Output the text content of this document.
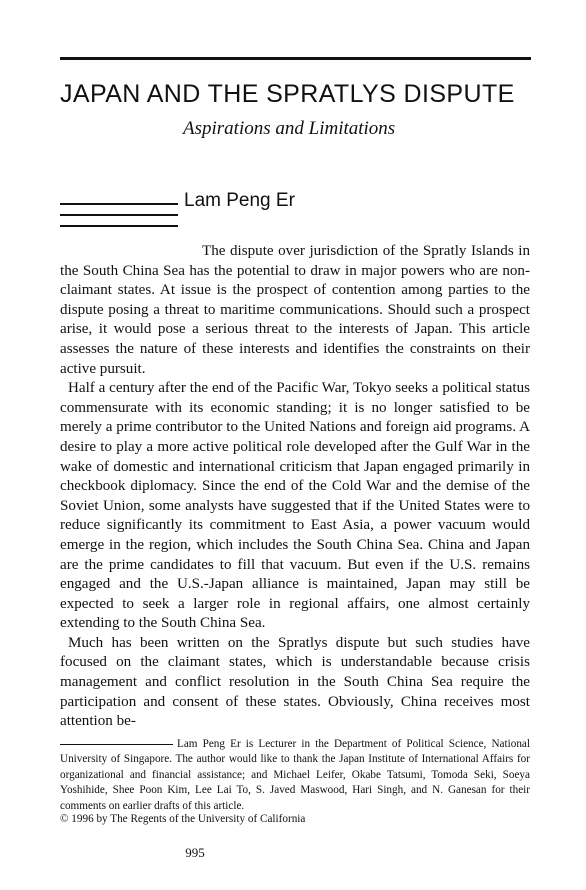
JAPAN AND THE SPRATLYS DISPUTE
Aspirations and Limitations
Lam Peng Er

The dispute over jurisdiction of the Spratly Islands in the South China Sea has the potential to draw in major powers who are non-claimant states. At issue is the prospect of contention among parties to the dispute posing a threat to maritime communications. Should such a prospect arise, it would pose a serious threat to the interests of Japan. This article assesses the nature of these interests and identifies the constraints on their active pursuit.

Half a century after the end of the Pacific War, Tokyo seeks a political status commensurate with its economic standing; it is no longer satisfied to be merely a prime contributor to the United Nations and foreign aid programs. A desire to play a more active political role developed after the Gulf War in the wake of domestic and international criticism that Japan engaged primarily in checkbook diplomacy. Since the end of the Cold War and the demise of the Soviet Union, some analysts have suggested that if the United States were to reduce significantly its commitment to East Asia, a power vacuum would emerge in the region, which includes the South China Sea. China and Japan are the prime candidates to fill that vacuum. But even if the U.S. remains engaged and the U.S.-Japan alliance is maintained, Japan may still be expected to seek a larger role in regional affairs, one almost certainly extending to the South China Sea.

Much has been written on the Spratlys dispute but such studies have focused on the claimant states, which is understandable because crisis management and conflict resolution in the South China Sea require the participation and consent of these states. Obviously, China receives most attention be-

Lam Peng Er is Lecturer in the Department of Political Science, National University of Singapore. The author would like to thank the Japan Institute of International Affairs for organizational and financial assistance; and Michael Leifer, Okabe Tatsumi, Tomoda Seki, Soeya Yoshihide, Shee Poon Kim, Lee Lai To, S. Javed Maswood, Hari Singh, and N. Ganesan for their comments on earlier drafts of this article.
© 1996 by The Regents of the University of California
995
